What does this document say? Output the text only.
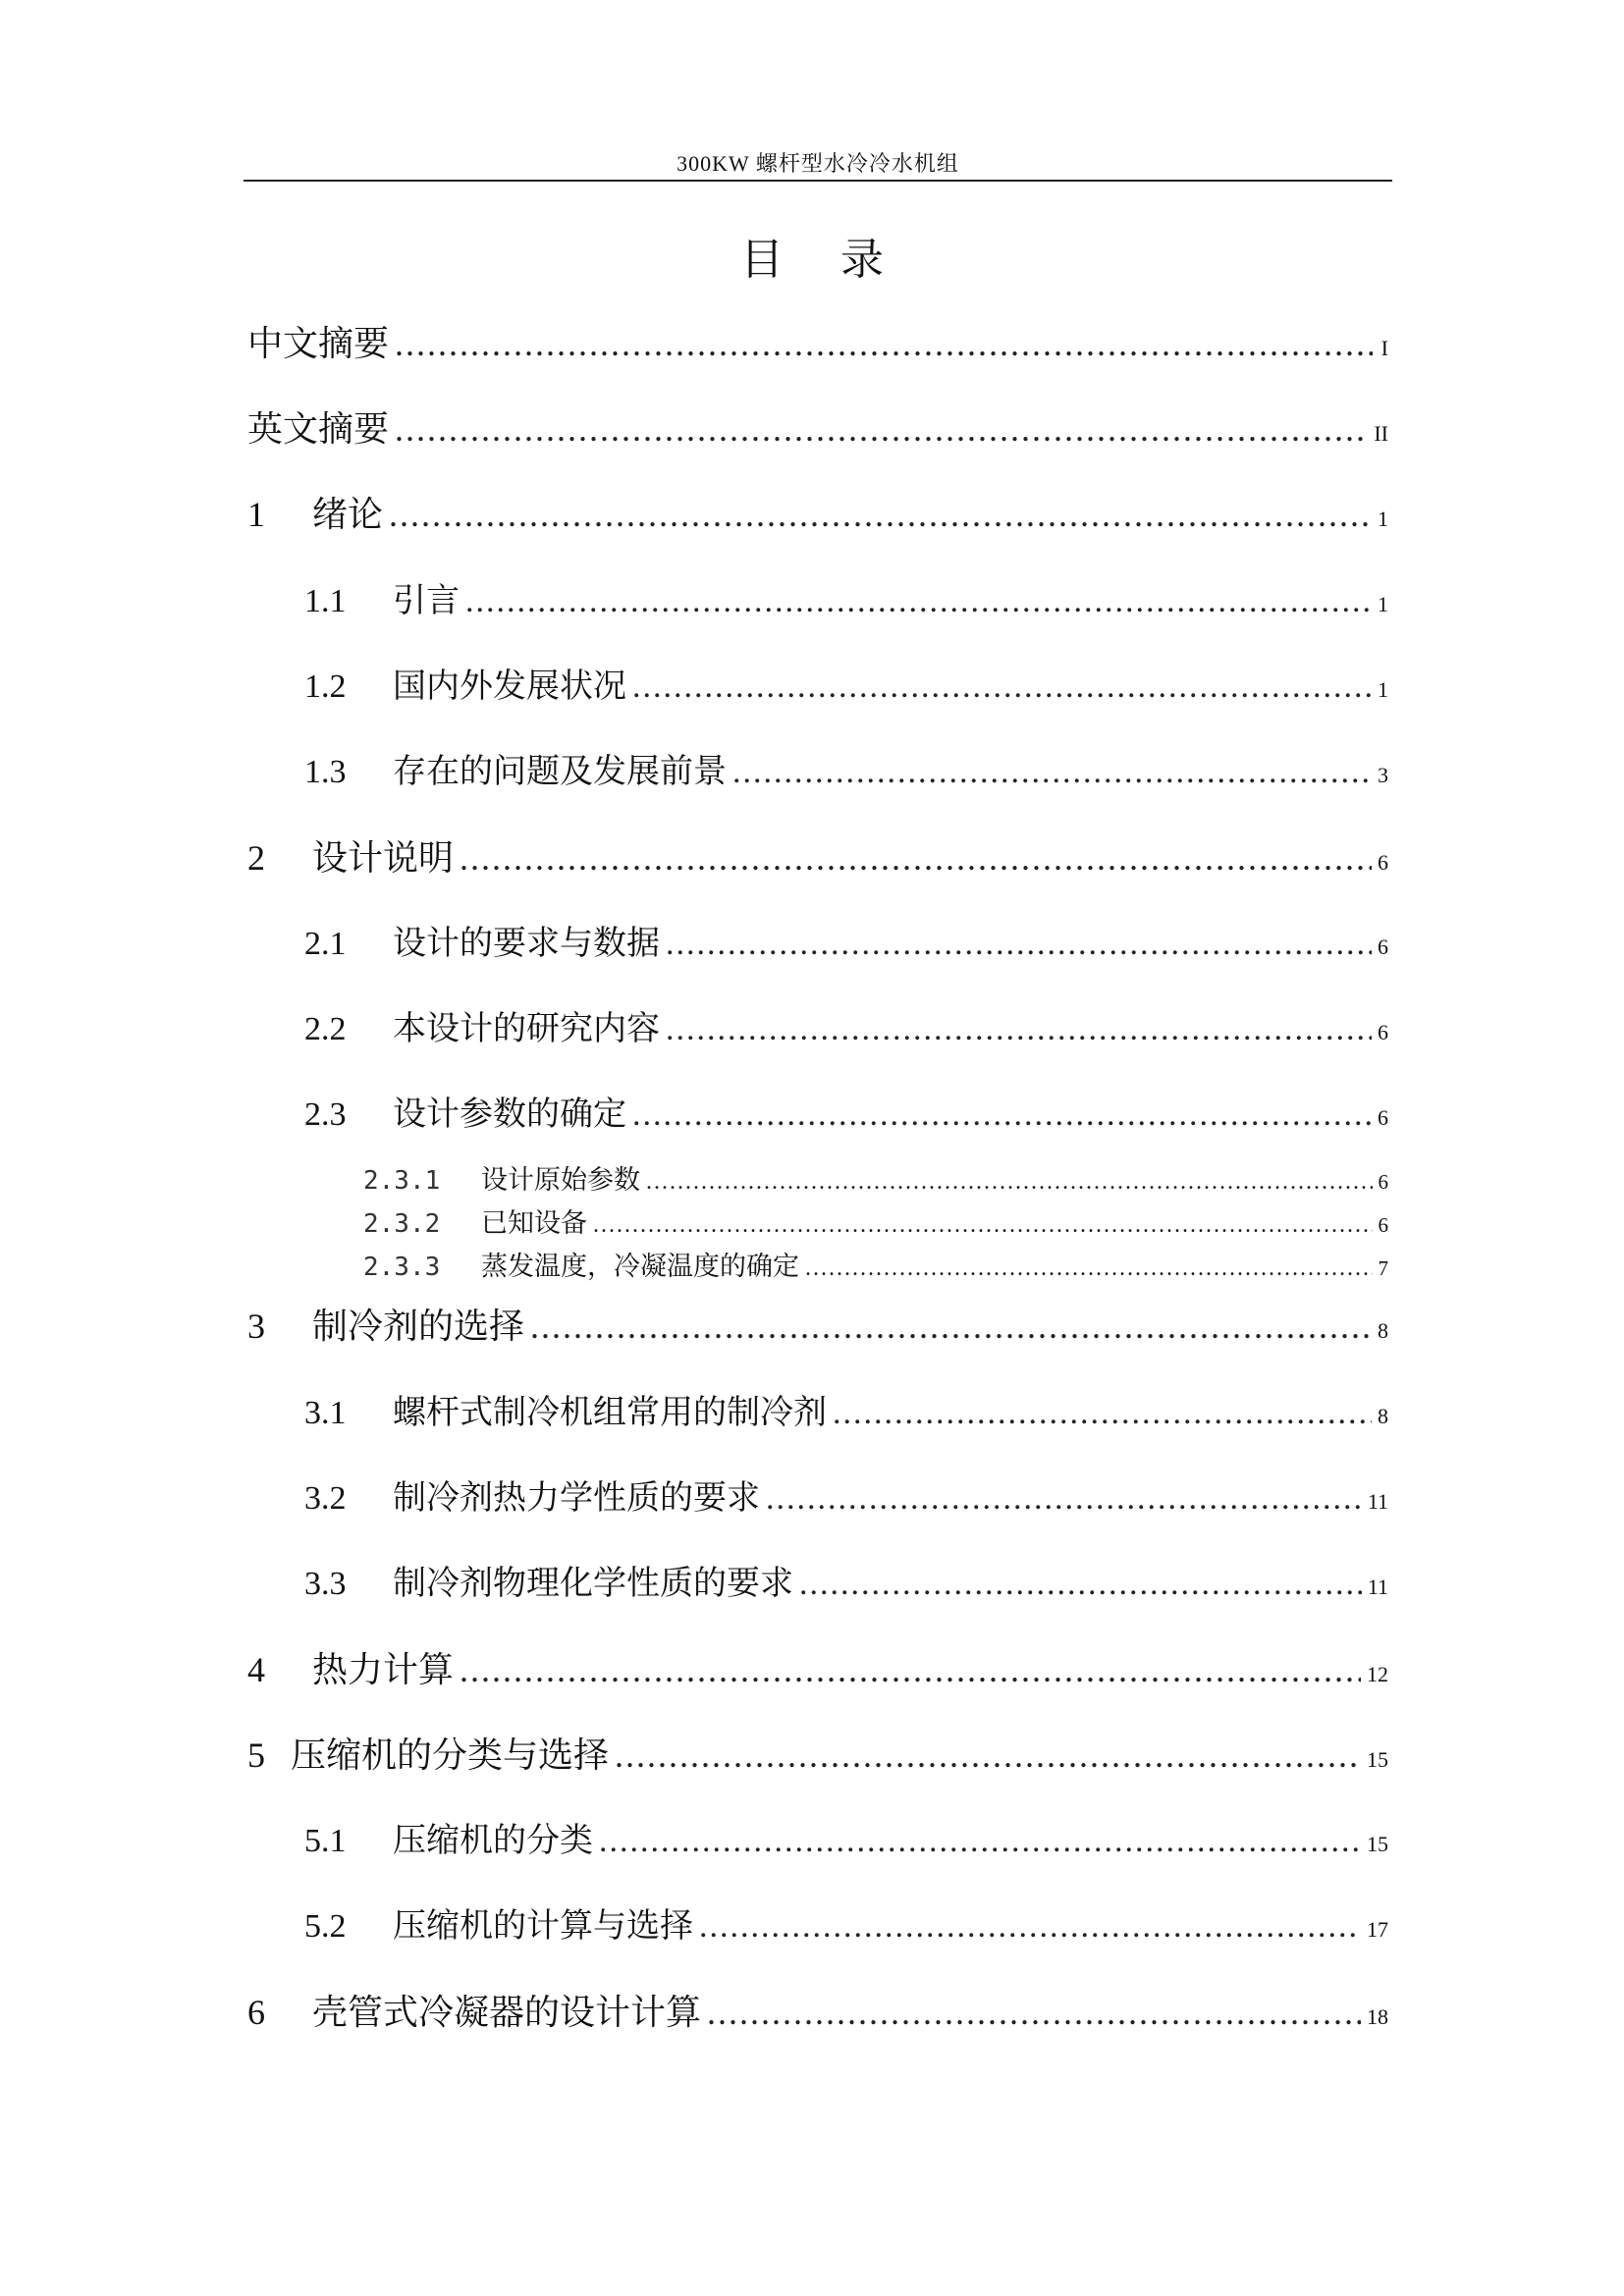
300KW 螺杆型水冷冷水机组
目 录
中文摘要 .....	I
英文摘要 .....	II
1	绪论 .....	1
1.1	引言 .....	1
1.2	国内外发展状况 .....	1
1.3	存在的问题及发展前景 .....	3
2	设计说明 .....	6
2.1	设计的要求与数据 .....	6
2.2	本设计的研究内容 .....	6
2.3	设计参数的确定 .....	6
2.3.1	设计原始参数 .....	6
2.3.2	已知设备 .....	6
2.3.3	蒸发温度，冷凝温度的确定 .....	7
3	制冷剂的选择 .....	8
3.1	螺杆式制冷机组常用的制冷剂 .....	8
3.2	制冷剂热力学性质的要求 .....	11
3.3	制冷剂物理化学性质的要求 .....	11
4	热力计算 .....	12
5 压缩机的分类与选择 .....	15
5.1	压缩机的分类 .....	15
5.2	压缩机的计算与选择 .....	17
6	壳管式冷凝器的设计计算 .....	18
